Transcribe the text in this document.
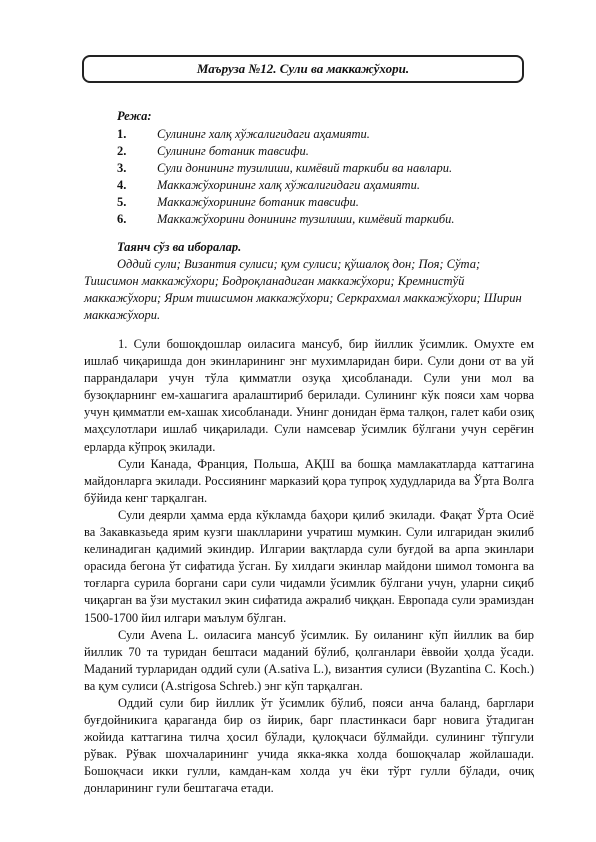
Маъруза №12. Сули ва маккажўхори.
Режа:
1. Сулининг халқ хўжалигидаги аҳамияти.
2. Сулининг ботаник тавсифи.
3. Сули донининг тузилиши, кимёвий таркиби ва навлари.
4. Маккажўхорининг халқ хўжалигидаги аҳамияти.
5. Маккажўхорининг ботаник тавсифи.
6. Маккажўхорини донининг тузилиши, кимёвий таркиби.
Таянч сўз ва иборалар.
Оддий сули; Византия сулиси; қум сулиси; қўшалоқ дон; Поя; Сўта; Тишсимон маккажўхори; Бодроқланадиган маккажўхори; Кремнистўй маккажўхори; Ярим тишсимон маккажўхори; Серкрахмал маккажўхори; Ширин маккажўхори.

1. Сули бошоқдошлар оиласига мансуб, бир йиллик ўсимлик. Омухте ем ишлаб чиқаришда дон экинларининг энг мухимларидан бири. Сули дони от ва уй паррандалари учун тўла қимматли озуқа ҳисобланади. Сули уни мол ва бузоқларнинг ем-хашагига аралаштириб берилади. Сулининг кўк пояси хам чорва учун қимматли ем-хашак хисобланади. Унинг донидан ёрма талқон, галет каби озиқ маҳсулотлари ишлаб чиқарилади. Сули намсевар ўсимлик бўлгани учун серёғин ерларда кўпроқ экилади.

Сули Канада, Франция, Польша, АҚШ ва бошқа мамлакатларда каттагина майдонларга экилади. Россиянинг марказий қора тупроқ худудларида ва Ўрта Волга бўйида кенг тарқалган.

Сули деярли ҳамма ерда кўкламда баҳори қилиб экилади. Фақат Ўрта Осиё ва Закавказьеда ярим кузги шаклларини учратиш мумкин. Сули илгаридан экилиб келинадиган қадимий экиндир. Илгарии вақтларда сули буғдой ва арпа экинлари орасида бегона ўт сифатида ўсган. Бу хилдаги экинлар майдони шимол томонга ва тоғларга сурила боргани сари сули чидамли ўсимлик бўлгани учун, уларни сиқиб чиқарган ва ўзи мустакил экин сифатида ажралиб чиққан. Европада сули эрамиздан 1500-1700 йил илгари маълум бўлган.

Сули Avena L. оиласига мансуб ўсимлик. Бу оиланинг кўп йиллик ва бир йиллик 70 та туридан бештаси маданий бўлиб, қолганлари ёввойи ҳолда ўсади. Маданий турларидан оддий сули (A.sativa L.), византия сулиси (Byzantina C. Koch.) ва қум сулиси (A.strigosa Schreb.) энг кўп тарқалган.

Оддий сули бир йиллик ўт ўсимлик бўлиб, пояси анча баланд, барглари буғдойникига қараганда бир оз йирик, барг пластинкаси барг новига ўтадиган жойида каттагина тилча ҳосил бўлади, қулоқчаси бўлмайди. сулининг тўпгули рўвак. Рўвак шохчаларининг учида якка-якка холда бошоқчалар жойлашади. Бошоқчаси икки гулли, камдан-кам холда уч ёки тўрт гулли бўлади, очиқ донларининг гули бештагача етади.
